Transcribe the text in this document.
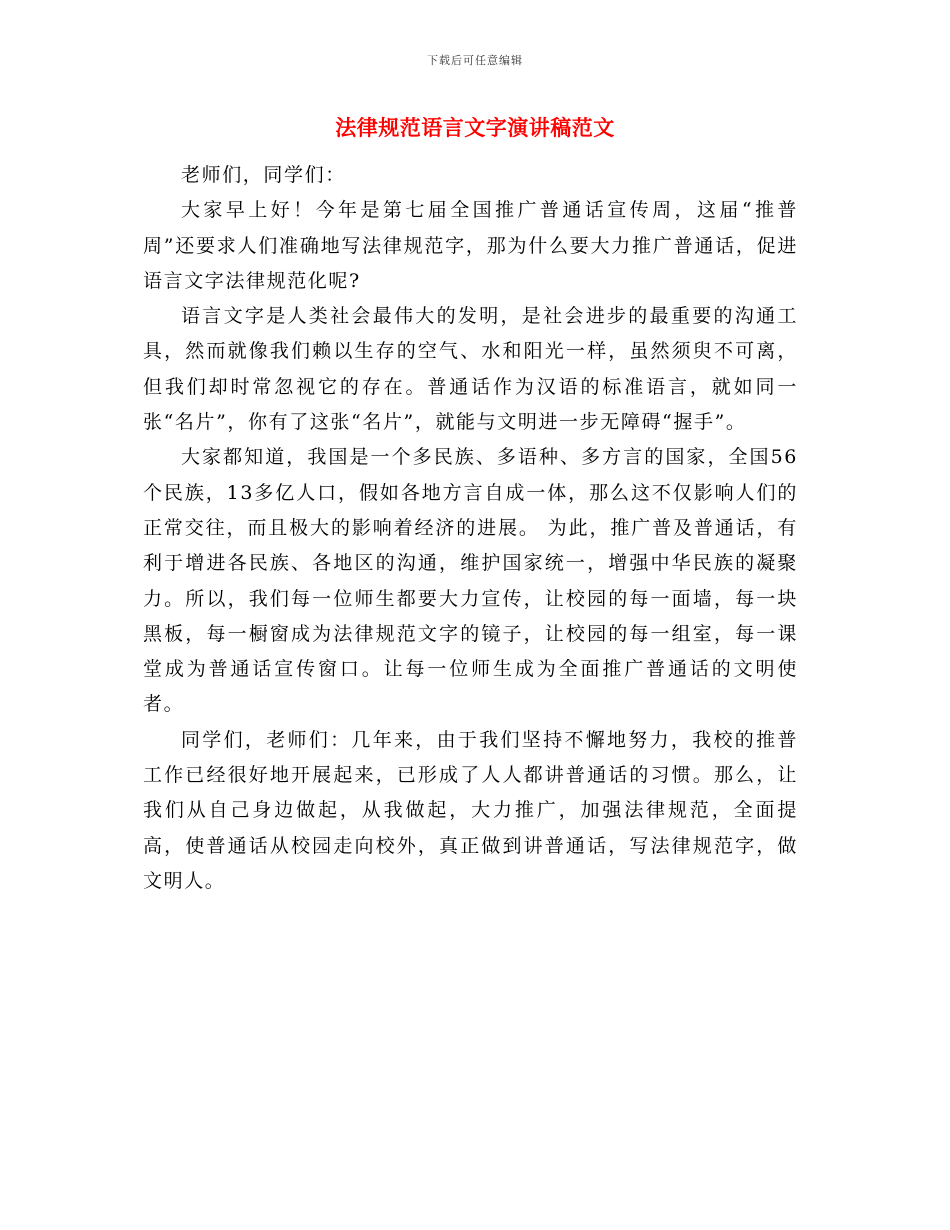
下载后可任意编辑
法律规范语言文字演讲稿范文

老师们，同学们：

大家早上好！今年是第七届全国推广普通话宣传周，这届“推普周”还要求人们准确地写法律规范字，那为什么要大力推广普通话，促进语言文字法律规范化呢?

语言文字是人类社会最伟大的发明，是社会进步的最重要的沟通工具，然而就像我们赖以生存的空气、水和阳光一样，虽然须臾不可离，但我们却时常忽视它的存在。普通话作为汉语的标准语言，就如同一张“名片”，你有了这张“名片”，就能与文明进一步无障碍“握手”。

大家都知道，我国是一个多民族、多语种、多方言的国家，全国56个民族，13多亿人口，假如各地方言自成一体，那么这不仅影响人们的正常交往，而且极大的影响着经济的进展。 为此，推广普及普通话，有利于增进各民族、各地区的沟通，维护国家统一，增强中华民族的凝聚力。所以，我们每一位师生都要大力宣传，让校园的每一面墙，每一块黑板，每一橱窗成为法律规范文字的镜子，让校园的每一组室，每一课堂成为普通话宣传窗口。让每一位师生成为全面推广普通话的文明使者。

同学们，老师们：几年来，由于我们坚持不懈地努力，我校的推普工作已经很好地开展起来，已形成了人人都讲普通话的习惯。那么，让我们从自己身边做起，从我做起，大力推广，加强法律规范，全面提高，使普通话从校园走向校外，真正做到讲普通话，写法律规范字，做文明人。
